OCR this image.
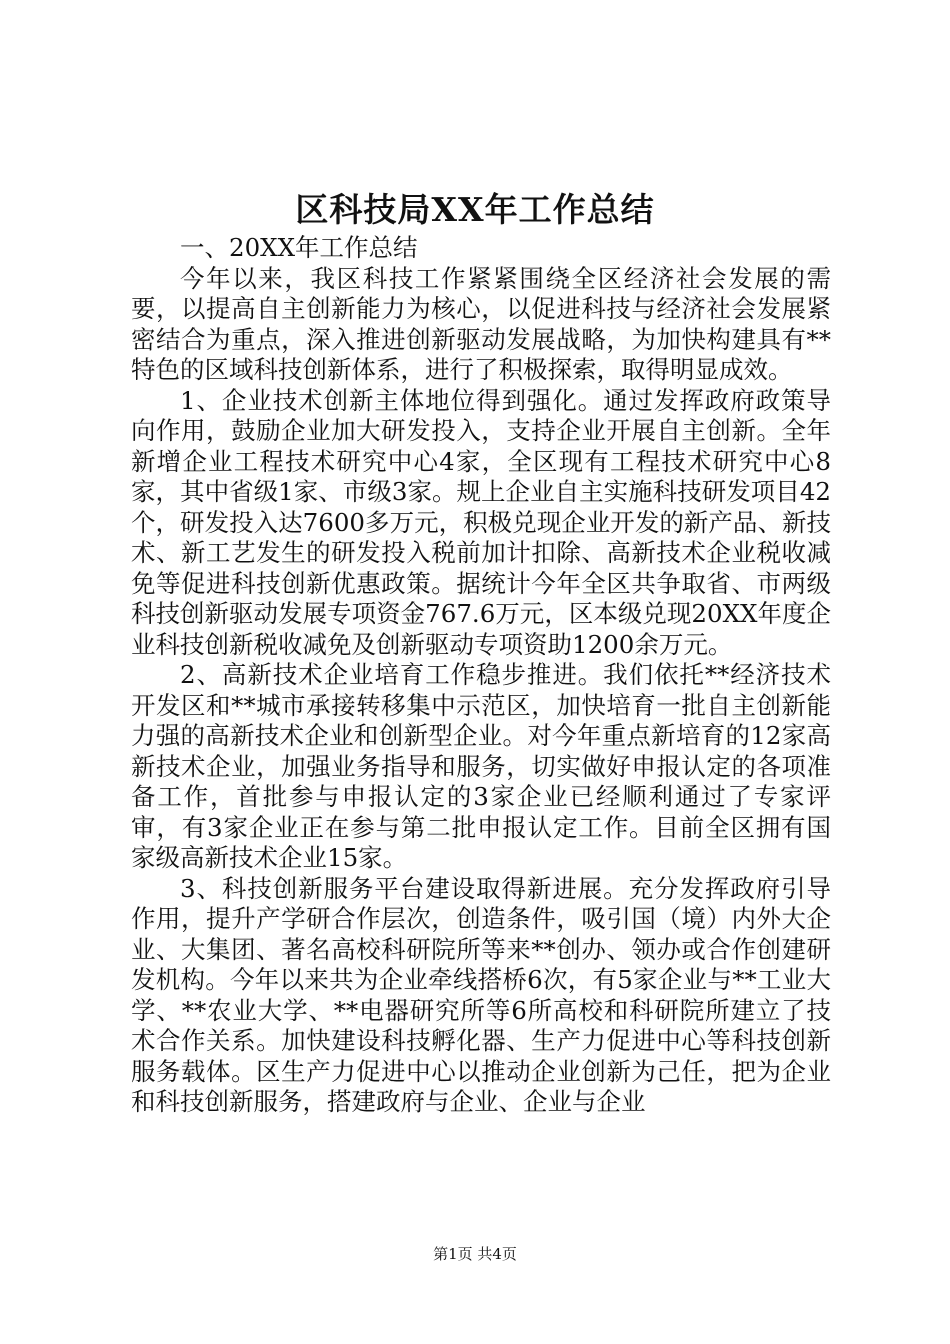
区科技局XX年工作总结

一、20XX年工作总结

今年以来，我区科技工作紧紧围绕全区经济社会发展的需要，以提高自主创新能力为核心，以促进科技与经济社会发展紧密结合为重点，深入推进创新驱动发展战略，为加快构建具有**特色的区域科技创新体系，进行了积极探索，取得明显成效。

1、企业技术创新主体地位得到强化。通过发挥政府政策导向作用，鼓励企业加大研发投入，支持企业开展自主创新。全年新增企业工程技术研究中心4家，全区现有工程技术研究中心8家，其中省级1家、市级3家。规上企业自主实施科技研发项目42个，研发投入达7600多万元，积极兑现企业开发的新产品、新技术、新工艺发生的研发投入税前加计扣除、高新技术企业税收减免等促进科技创新优惠政策。据统计今年全区共争取省、市两级科技创新驱动发展专项资金767.6万元，区本级兑现20XX年度企业科技创新税收减免及创新驱动专项资助1200余万元。

2、高新技术企业培育工作稳步推进。我们依托**经济技术开发区和**城市承接转移集中示范区，加快培育一批自主创新能力强的高新技术企业和创新型企业。对今年重点新培育的12家高新技术企业，加强业务指导和服务，切实做好申报认定的各项准备工作，首批参与申报认定的3家企业已经顺利通过了专家评审，有3家企业正在参与第二批申报认定工作。目前全区拥有国家级高新技术企业15家。

3、科技创新服务平台建设取得新进展。充分发挥政府引导作用，提升产学研合作层次，创造条件，吸引国（境）内外大企业、大集团、著名高校科研院所等来**创办、领办或合作创建研发机构。今年以来共为企业牵线搭桥6次，有5家企业与**工业大学、**农业大学、**电器研究所等6所高校和科研院所建立了技术合作关系。加快建设科技孵化器、生产力促进中心等科技创新服务载体。区生产力促进中心以推动企业创新为己任，把为企业和科技创新服务，搭建政府与企业、企业与企业

第1页 共4页
